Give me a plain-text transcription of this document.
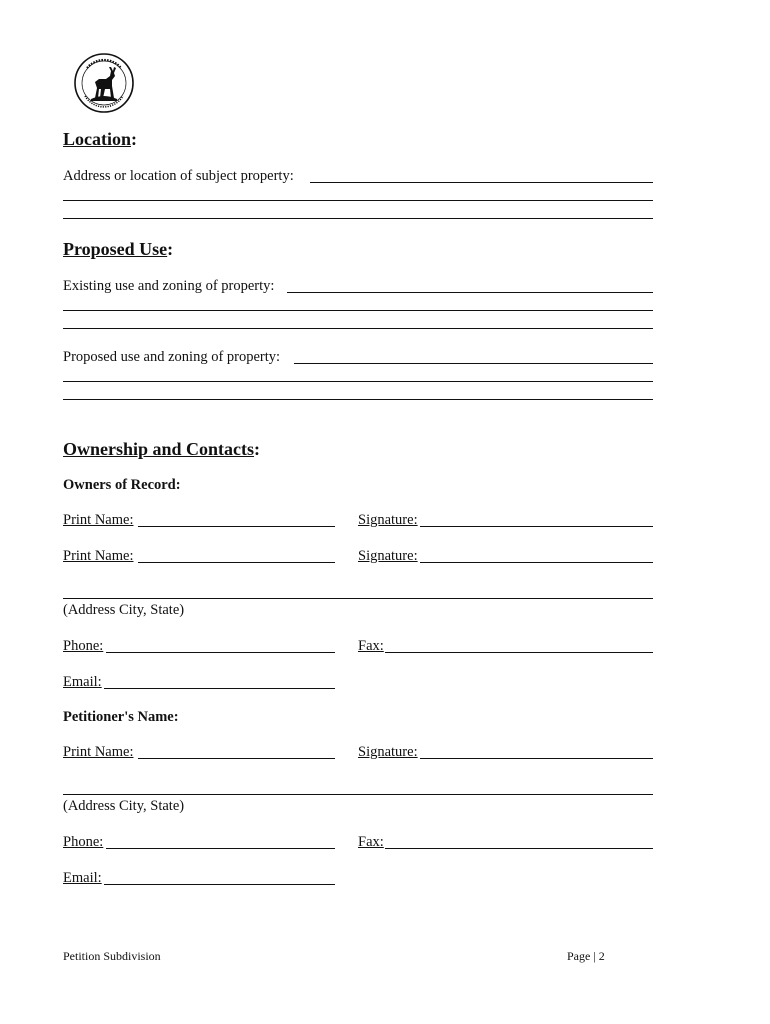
Location:
Address or location of subject property:
Proposed Use:
Existing use and zoning of property:
Proposed use and zoning of property:
Ownership and Contacts:
Owners of Record:
Print Name:	Signature:
Print Name:	Signature:
(Address City, State)
Phone:	Fax:
Email:
Petitioner's Name:
Print Name:	Signature:
(Address City, State)
Phone:	Fax:
Email:
Petition Subdivision	Page | 2
